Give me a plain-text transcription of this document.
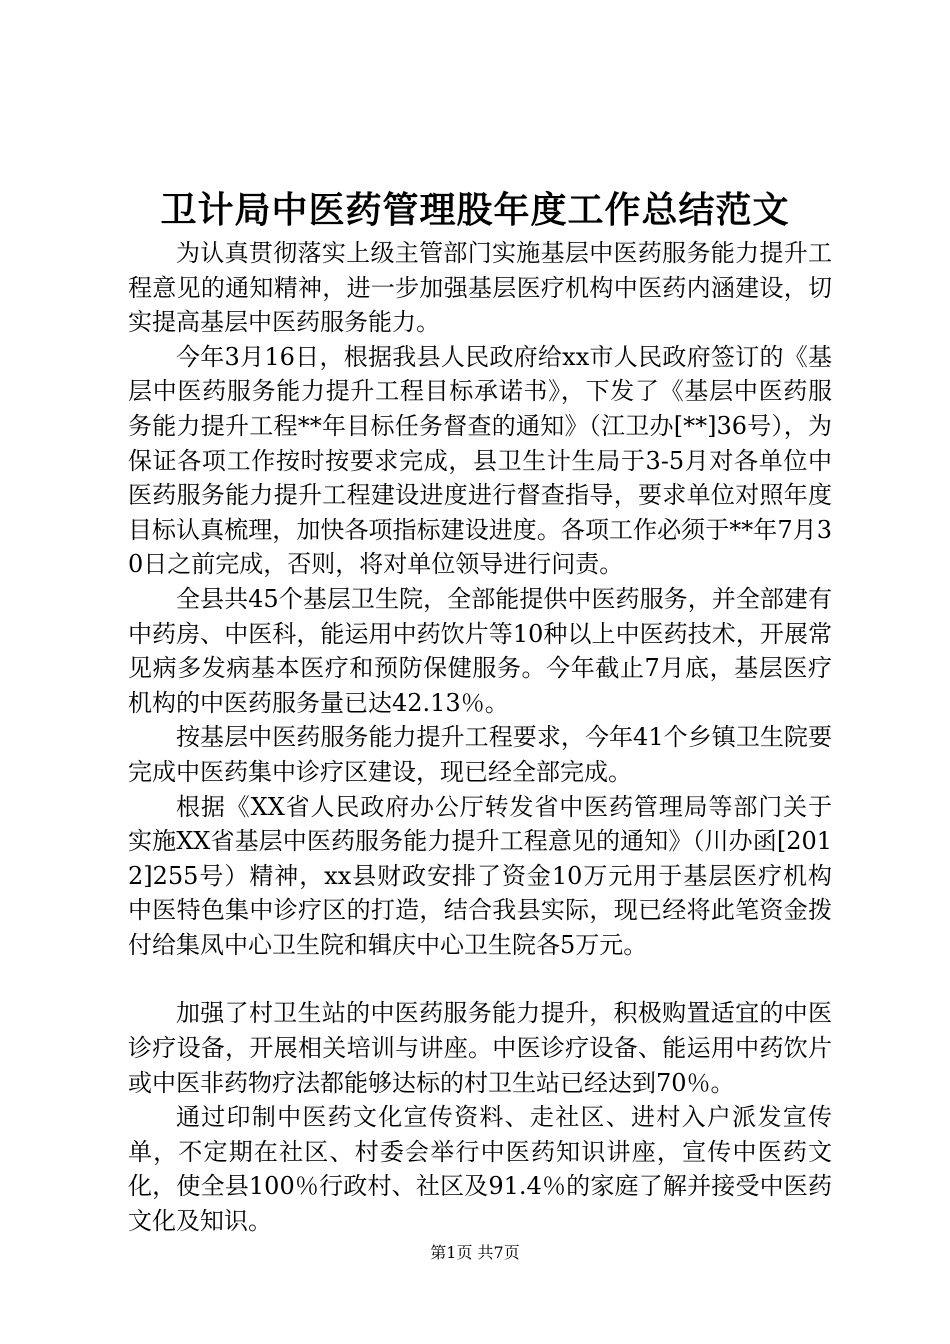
卫计局中医药管理股年度工作总结范文

为认真贯彻落实上级主管部门实施基层中医药服务能力提升工程意见的通知精神，进一步加强基层医疗机构中医药内涵建设，切实提高基层中医药服务能力。

今年3月16日，根据我县人民政府给xx市人民政府签订的《基层中医药服务能力提升工程目标承诺书》，下发了《基层中医药服务能力提升工程**年目标任务督查的通知》（江卫办[**]36号），为保证各项工作按时按要求完成，县卫生计生局于3-5月对各单位中医药服务能力提升工程建设进度进行督查指导，要求单位对照年度目标认真梳理，加快各项指标建设进度。各项工作必须于**年7月30日之前完成，否则，将对单位领导进行问责。

全县共45个基层卫生院，全部能提供中医药服务，并全部建有中药房、中医科，能运用中药饮片等10种以上中医药技术，开展常见病多发病基本医疗和预防保健服务。今年截止7月底，基层医疗机构的中医药服务量已达42.13％。

按基层中医药服务能力提升工程要求，今年41个乡镇卫生院要完成中医药集中诊疗区建设，现已经全部完成。

根据《XX省人民政府办公厅转发省中医药管理局等部门关于实施XX省基层中医药服务能力提升工程意见的通知》（川办函[2012]255号）精神，xx县财政安排了资金10万元用于基层医疗机构中医特色集中诊疗区的打造，结合我县实际，现已经将此笔资金拨付给集凤中心卫生院和辑庆中心卫生院各5万元。

加强了村卫生站的中医药服务能力提升，积极购置适宜的中医诊疗设备，开展相关培训与讲座。中医诊疗设备、能运用中药饮片或中医非药物疗法都能够达标的村卫生站已经达到70％。

通过印制中医药文化宣传资料、走社区、进村入户派发宣传单，不定期在社区、村委会举行中医药知识讲座，宣传中医药文化，使全县100％行政村、社区及91.4％的家庭了解并接受中医药文化及知识。

第1页 共7页
